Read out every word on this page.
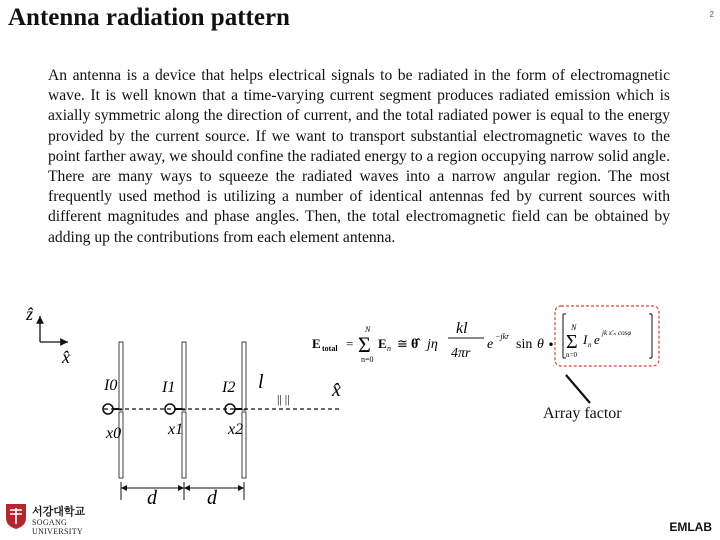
Antenna radiation pattern	2

An antenna is a device that helps electrical signals to be radiated in the form of electromagnetic wave. It is well known that a time-varying current segment produces radiated emission which is axially symmetric along the direction of current, and the total radiated power is equal to the energy provided by the current source. If we want to transport substantial electromagnetic waves to the point farther away, we should confine the radiated energy to a region occupying narrow solid angle. There are many ways to squeeze the radiated waves into a narrow angular region. The most frequently used method is utilizing a number of identical antennas fed by current sources with different magnitudes and phase angles. Then, the total electromagnetic field can be obtained by adding up the contributions from each element antenna.

ẑ
x̂
I0	I1	I2 l
x0	x1	x2
|| || x̂
d	d
E total =
N
Σ
n=0
E n ≅ θ̂ jη
kl
4πr
e
−jkr
sin θ ·
N
Σ
n=0
I n e jk x'ₙ cosφ
Array factor
서강대학교
SOGANG UNIVERSITY	EMLAB
